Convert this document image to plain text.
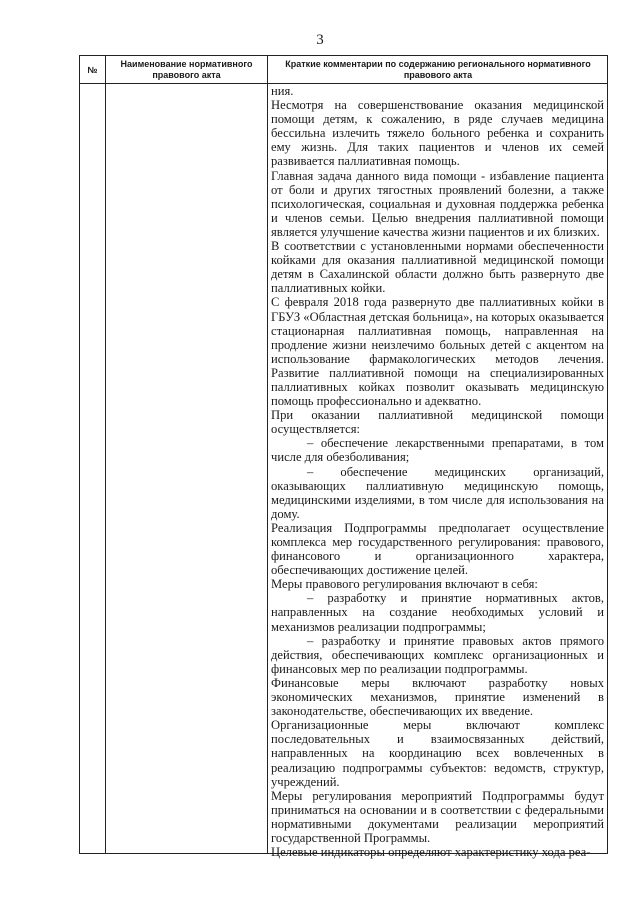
3
№
Наименование нормативного правового акта
Краткие комментарии по содержанию регионального нормативного правового акта

ния.

Несмотря на совершенствование оказания медицинской помощи детям, к сожалению, в ряде случаев медицина бессильна излечить тяжело больного ребенка и сохранить ему жизнь. Для таких пациентов и членов их семей развивается паллиативная помощь.

Главная задача данного вида помощи - избавление пациента от боли и других тягостных проявлений болезни, а также психологическая, социальная и духовная поддержка ребенка и членов семьи. Целью внедрения паллиативной помощи является улучшение качества жизни пациентов и их близких.

В соответствии с установленными нормами обеспеченности койками для оказания паллиативной медицинской помощи детям в Сахалинской области должно быть развернуто две паллиативных койки.

С февраля 2018 года развернуто две паллиативных койки в ГБУЗ «Областная детская больница», на которых оказывается стационарная паллиативная помощь, направленная на продление жизни неизлечимо больных детей с акцентом на использование фармакологических методов лечения. Развитие паллиативной помощи на специализированных паллиативных койках позволит оказывать медицинскую помощь профессионально и адекватно.

При оказании паллиативной медицинской помощи осуществляется:

– обеспечение лекарственными препаратами, в том числе для обезболивания;

– обеспечение медицинских организаций, оказывающих паллиативную медицинскую помощь, медицинскими изделиями, в том числе для использования на дому.

Реализация Подпрограммы предполагает осуществление комплекса мер государственного регулирования: правового, финансового и организационного характера, обеспечивающих достижение целей.

Меры правового регулирования включают в себя:

– разработку и принятие нормативных актов, направленных на создание необходимых условий и механизмов реализации подпрограммы;

– разработку и принятие правовых актов прямого действия, обеспечивающих комплекс организационных и финансовых мер по реализации подпрограммы.

Финансовые меры включают разработку новых экономических механизмов, принятие изменений в законодательстве, обеспечивающих их введение.

Организационные меры включают комплекс последовательных и взаимосвязанных действий, направленных на координацию всех вовлеченных в реализацию подпрограммы субъектов: ведомств, структур, учреждений.

Меры регулирования мероприятий Подпрограммы будут приниматься на основании и в соответствии с федеральными нормативными документами реализации мероприятий государственной Программы.

Целевые индикаторы определяют характеристику хода реа-
